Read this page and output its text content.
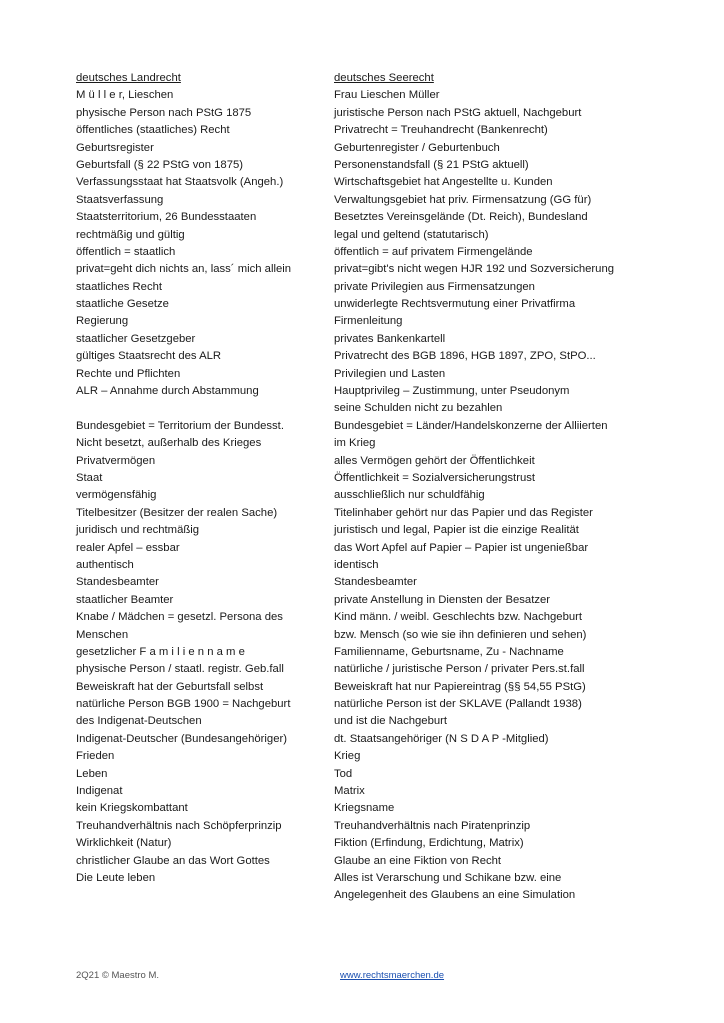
deutsches Landrecht
M ü l l e r, Lieschen
physische Person nach PStG 1875
öffentliches (staatliches) Recht
Geburtsregister
Geburtsfall (§ 22 PStG von 1875)
Verfassungsstaat hat Staatsvolk (Angeh.)
Staatsverfassung
Staatsterritorium, 26 Bundesstaaten
rechtmäßig und gültig
öffentlich = staatlich
privat=geht dich nichts an, lass´ mich allein
staatliches Recht
staatliche Gesetze
Regierung
staatlicher Gesetzgeber
gültiges Staatsrecht des ALR
Rechte und Pflichten
ALR – Annahme durch Abstammung
Bundesgebiet = Territorium der Bundesst.
Nicht besetzt, außerhalb des Krieges
Privatvermögen
Staat
vermögensfähig
Titelbesitzer (Besitzer der realen Sache)
juridisch und rechtmäßig
realer Apfel – essbar
authentisch
Standesbeamter
staatlicher Beamter
Knabe / Mädchen = gesetzl. Persona des
Menschen
gesetzlicher F a m i l i e n n a m e
physische Person / staatl. registr. Geb.fall
Beweiskraft hat der Geburtsfall selbst
natürliche Person BGB 1900 = Nachgeburt
des Indigenat-Deutschen
Indigenat-Deutscher (Bundesangehöriger)
Frieden
Leben
Indigenat
kein Kriegskombattant
Treuhandverhältnis nach Schöpferprinzip
Wirklichkeit (Natur)
christlicher Glaube an das Wort Gottes
Die Leute leben
deutsches Seerecht
Frau Lieschen Müller
juristische Person nach PStG aktuell, Nachgeburt
Privatrecht = Treuhandrecht (Bankenrecht)
Geburtenregister / Geburtenbuch
Personenstandsfall (§ 21 PStG aktuell)
Wirtschaftsgebiet hat Angestellte u. Kunden
Verwaltungsgebiet hat priv. Firmensatzung (GG für)
Besetztes Vereinsgelände (Dt. Reich), Bundesland
legal und geltend (statutarisch)
öffentlich = auf privatem Firmengelände
privat=gibt's nicht wegen HJR 192 und Sozversicherung
private Privilegien aus Firmensatzungen
unwiderlegte Rechtsvermutung einer Privatfirma
Firmenleitung
privates Bankenkartell
Privatrecht des BGB 1896, HGB 1897, ZPO, StPO...
Privilegien und Lasten
Hauptprivileg – Zustimmung, unter Pseudonym
seine Schulden nicht zu bezahlen
Bundesgebiet = Länder/Handelskonzerne der Alliierten
im Krieg
alles Vermögen gehört der Öffentlichkeit
Öffentlichkeit = Sozialversicherungstrust
ausschließlich nur schuldfähig
Titelinhaber gehört nur das Papier und das Register
juristisch und legal, Papier ist die einzige Realität
das Wort Apfel auf Papier – Papier ist ungenießbar
identisch
Standesbeamter
private Anstellung in Diensten der Besatzer
Kind männ. / weibl. Geschlechts bzw. Nachgeburt
bzw. Mensch (so wie sie ihn definieren und sehen)
Familienname, Geburtsname, Zu - Nachname
natürliche / juristische Person / privater Pers.st.fall
Beweiskraft hat nur Papiereintrag (§§ 54,55 PStG)
natürliche Person ist der SKLAVE (Pallandt 1938)
und ist die Nachgeburt
dt. Staatsangehöriger (N S D A P -Mitglied)
Krieg
Tod
Matrix
Kriegsname
Treuhandverhältnis nach Piratenprinzip
Fiktion (Erfindung, Erdichtung, Matrix)
Glaube an eine Fiktion von Recht
Alles ist Verarschung und Schikane bzw. eine
Angelegenheit des Glaubens an eine Simulation
2Q21 © Maestro M.	www.rechtsmaerchen.de
